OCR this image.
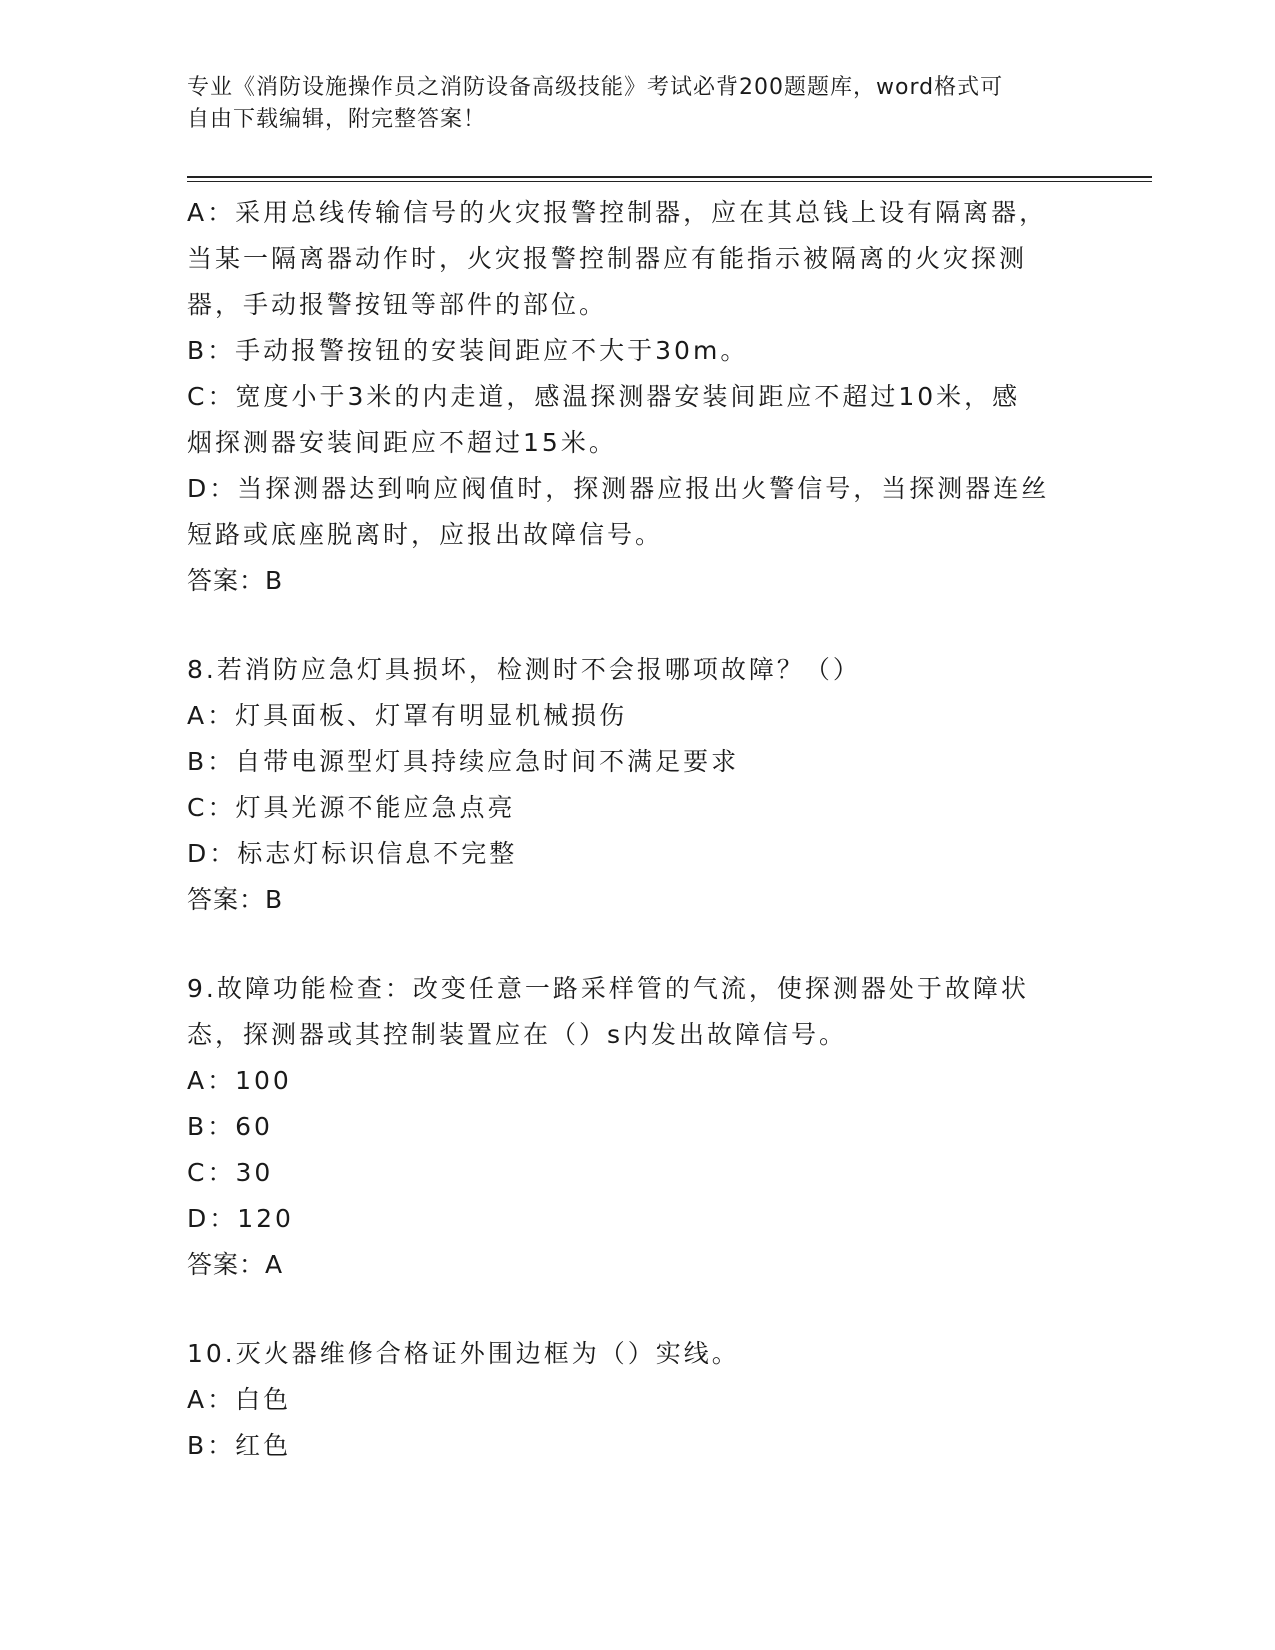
专业《消防设施操作员之消防设备高级技能》考试必背200题题库，word格式可
自由下载编辑，附完整答案！
A：采用总线传输信号的火灾报警控制器，应在其总钱上设有隔离器，
当某一隔离器动作时，火灾报警控制器应有能指示被隔离的火灾探测
器，手动报警按钮等部件的部位。
B：手动报警按钮的安装间距应不大于30m。
C：宽度小于3米的内走道，感温探测器安装间距应不超过10米，感
烟探测器安装间距应不超过15米。
D：当探测器达到响应阀值时，探测器应报出火警信号，当探测器连丝
短路或底座脱离时，应报出故障信号。
答案：B
8.若消防应急灯具损坏，检测时不会报哪项故障？（）
A：灯具面板、灯罩有明显机械损伤
B：自带电源型灯具持续应急时间不满足要求
C：灯具光源不能应急点亮
D：标志灯标识信息不完整
答案：B
9.故障功能检查：改变任意一路采样管的气流，使探测器处于故障状
态，探测器或其控制装置应在（）s内发出故障信号。
A：100
B：60
C：30
D：120
答案：A
10.灭火器维修合格证外围边框为（）实线。
A：白色
B：红色
